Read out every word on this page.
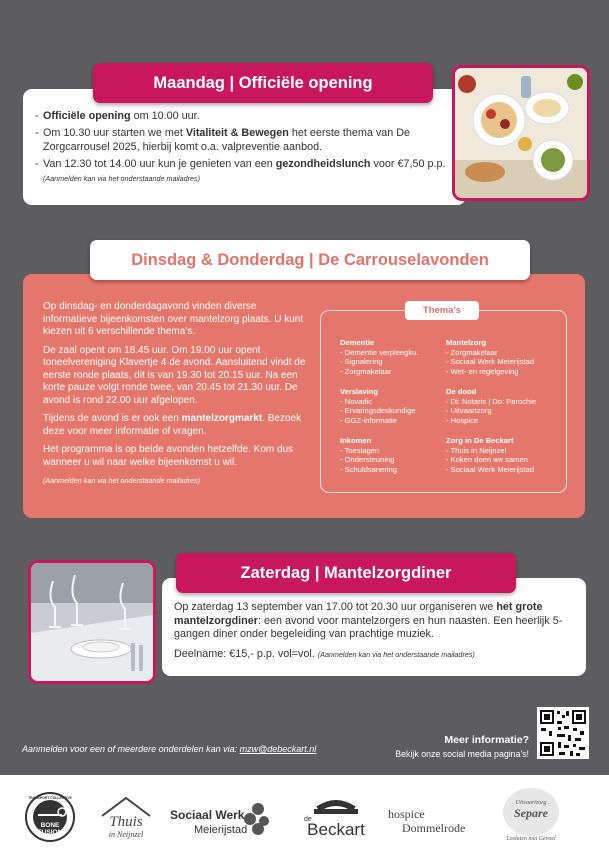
- Officiële opening om 10.00 uur.
- Om 10.30 uur starten we met Vitaliteit & Bewegen het eerste thema van De Zorgcarrousel 2025, hierbij komt o.a. valpreventie aanbod.
- Van 12.30 tot 14.00 uur kun je genieten van een gezondheidslunch voor €7,50 p.p. (Aanmelden kan via het onderstaande mailadres)
Maandag | Officiële opening

Op dinsdag- en donderdagavond vinden diverse informatieve bijeenkomsten over mantelzorg plaats. U kunt kiezen uit 6 verschillende thema's.

De zaal opent om 18.45 uur. Om 19.00 uur opent toneelvereniging Klavertje 4 de avond. Aansluitend vindt de eerste ronde plaats, dit is van 19.30 tot 20.15 uur. Na een korte pauze volgt ronde twee, van 20.45 tot 21.30 uur. De avond is rond 22.00 uur afgelopen.

Tijdens de avond is er ook een mantelzorgmarkt. Bezoek deze voor meer informatie of vragen.

Het programma is op beide avonden hetzelfde. Kom dus wanneer u wil naar welke bijeenkomst u wil.

(Aanmelden kan via het onderstaande mailadres)
Thema's
Dementie
- Dementie verpleegku.
- Signalering
- Zorgmakelaar
Mantelzorg
- Zorgmakelaar
- Sociaal Werk Meierijstad
- Wet- en regelgeving
Verslaving
- Novadic
- Ervaringsdeskundige
- GGZ-informatie
De dood
- Di: Notaris | Do: Parochie
- Uitvaartzorg
- Hospice
Inkomen
- Toeslagen
- Ondersteuning
- Schuldsanering
Zorg in De Beckart
- Thuis in Neijnzel
- Koken doen we samen
- Sociaal Werk Meierijstad
Dinsdag & Donderdag | De Carrouselavonden

Op zaterdag 13 september van 17.00 tot 20.30 uur organiseren we het grote mantelzorgdiner: een avond voor mantelzorgers en hun naasten. Een heerlijk 5-gangen diner onder begeleiding van prachtige muziek.

Deelname: €15,- p.p. vol=vol. (Aanmelden kan via het onderstaande mailadres)

Zaterdag | Mantelzorgdiner
Aanmelden voor een of meerdere onderdelen kan via: mzw@debeckart.nl
Meer informatie?
Bekijk onze social media pagina's!
BONE
FUSION
TRANSPORT COLLECTIVE
Thuis
in Neijnzel
Sociaal Werk
Meierijstad
de
Beckart
hospice
Dommelrode
Uitvaartzorg
Separe
Loslaten met Gevoel
